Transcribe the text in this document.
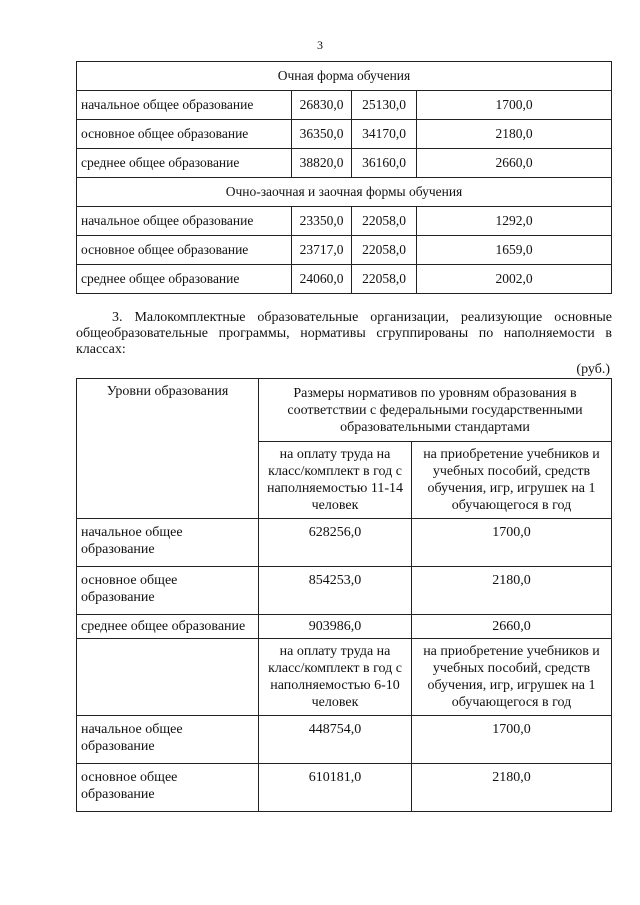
3
Очная форма обучения			
начальное общее образование	26830,0	25130,0	1700,0
основное общее образование	36350,0	34170,0	2180,0
среднее общее образование	38820,0	36160,0	2660,0
Очно-заочная и заочная формы обучения			
начальное общее образование	23350,0	22058,0	1292,0
основное общее образование	23717,0	22058,0	1659,0
среднее общее образование	24060,0	22058,0	2002,0
3. Малокомплектные образовательные организации, реализующие основные общеобразовательные программы, нормативы сгруппированы по наполняемости в классах:
(руб.)
Уровни образования	Размеры нормативов по уровням образования в соответствии с федеральными государственными образовательными стандартами	
	на оплату труда на класс/комплект в год с наполняемостью 11-14 человек	на приобретение учебников и учебных пособий, средств обучения, игр, игрушек на 1 обучающегося в год
начальное общее образование	628256,0	1700,0
основное общее образование	854253,0	2180,0
среднее общее образование	903986,0	2660,0
	на оплату труда на класс/комплект в год с наполняемостью 6-10 человек	на приобретение учебников и учебных пособий, средств обучения, игр, игрушек на 1 обучающегося в год
начальное общее образование	448754,0	1700,0
основное общее образование	610181,0	2180,0
